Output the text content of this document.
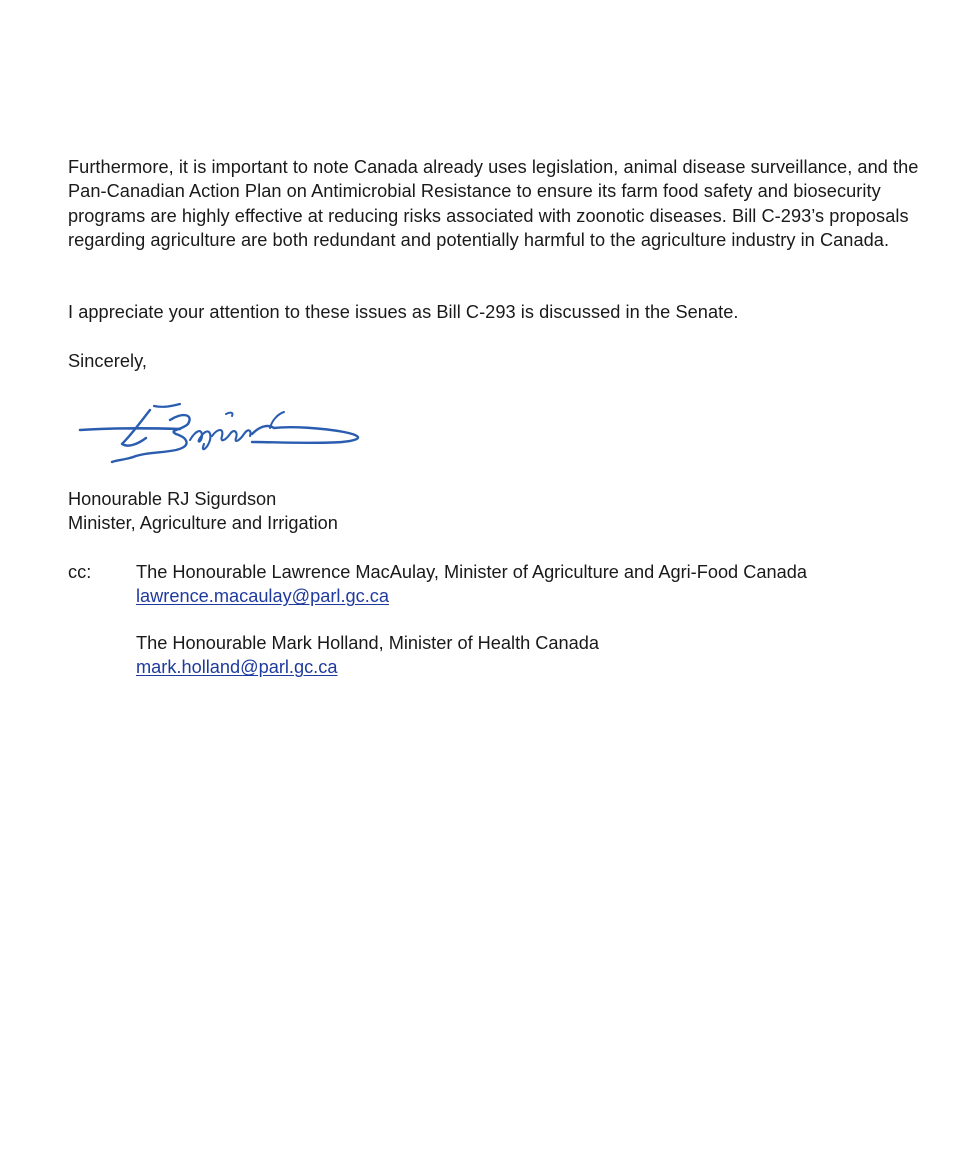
Furthermore, it is important to note Canada already uses legislation, animal disease surveillance, and the Pan-Canadian Action Plan on Antimicrobial Resistance to ensure its farm food safety and biosecurity programs are highly effective at reducing risks associated with zoonotic diseases. Bill C-293’s proposals regarding agriculture are both redundant and potentially harmful to the agriculture industry in Canada.

I appreciate your attention to these issues as Bill C-293 is discussed in the Senate.

Sincerely,

Honourable RJ Sigurdson
Minister, Agriculture and Irrigation
cc: The Honourable Lawrence MacAulay, Minister of Agriculture and Agri-Food Canada
lawrence.macaulay@parl.gc.ca
The Honourable Mark Holland, Minister of Health Canada
mark.holland@parl.gc.ca
